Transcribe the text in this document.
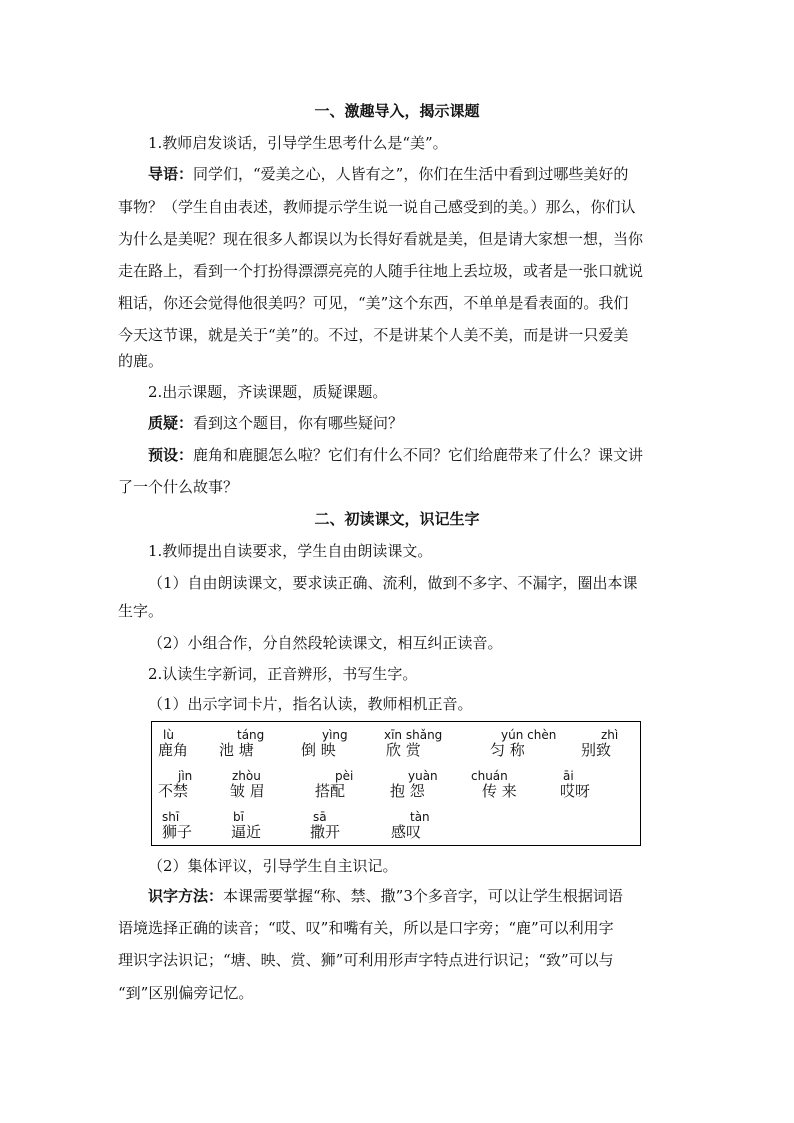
一、激趣导入，揭示课题
1.教师启发谈话，引导学生思考什么是“美”。
导语：同学们，“爱美之心，人皆有之”，你们在生活中看到过哪些美好的
事物？（学生自由表述，教师提示学生说一说自己感受到的美。）那么，你们认
为什么是美呢？现在很多人都误以为长得好看就是美，但是请大家想一想，当你
走在路上，看到一个打扮得漂漂亮亮的人随手往地上丢垃圾，或者是一张口就说
粗话，你还会觉得他很美吗？可见，“美”这个东西，不单单是看表面的。我们
今天这节课，就是关于“美”的。不过，不是讲某个人美不美，而是讲一只爱美
的鹿。
2.出示课题，齐读课题，质疑课题。
质疑：看到这个题目，你有哪些疑问？
预设：鹿角和鹿腿怎么啦？它们有什么不同？它们给鹿带来了什么？课文讲
了一个什么故事？
二、初读课文，识记生字
1.教师提出自读要求，学生自由朗读课文。
（1）自由朗读课文，要求读正确、流利，做到不多字、不漏字，圈出本课
生字。
（2）小组合作，分自然段轮读课文，相互纠正读音。
2.认读生字新词，正音辨形，书写生字。
（1）出示字词卡片，指名认读，教师相机正音。
lù
鹿角
táng
池 塘
yìng
倒 映
xīn shǎng
欣 赏
yún chèn
匀 称
zhì
别致
jìn
不禁
zhòu
皱 眉
pèi
搭配
yuàn
抱 怨
chuán
传 来
āi
哎呀
shī
狮子
bī
逼近
sā
撒开
tàn
感叹
（2）集体评议，引导学生自主识记。
识字方法：本课需要掌握“称、禁、撒”3个多音字，可以让学生根据词语
语境选择正确的读音；“哎、叹”和嘴有关，所以是口字旁；“鹿”可以利用字
理识字法识记；“塘、映、赏、狮”可利用形声字特点进行识记；“致”可以与
“到”区别偏旁记忆。
